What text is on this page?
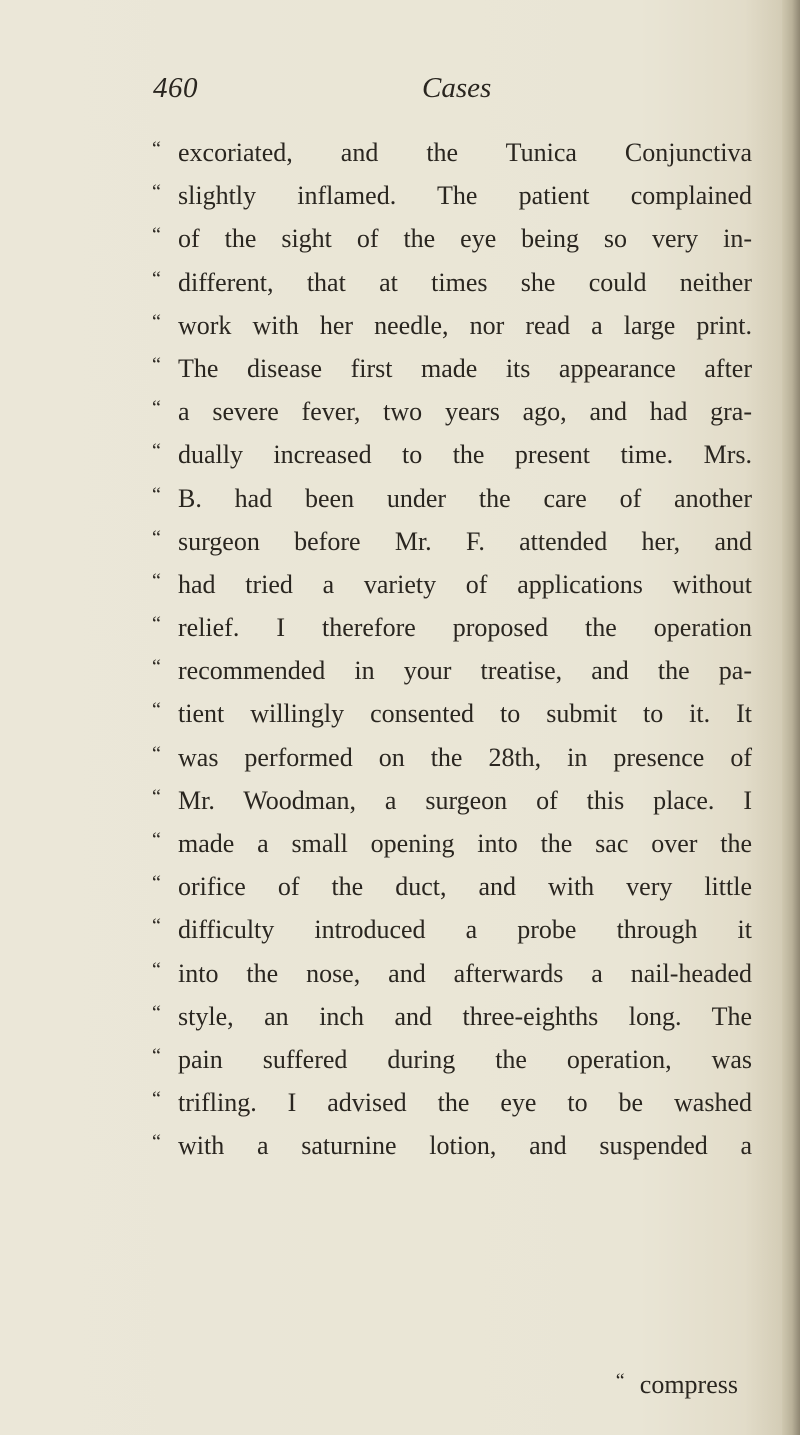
460	Cases
“ excoriated, and the Tunica Conjunctiva
“ slightly inflamed. The patient complained
“ of the sight of the eye being so very in-
“ different, that at times she could neither
“ work with her needle, nor read a large print.
“ The disease first made its appearance after
“ a severe fever, two years ago, and had gra-
“ dually increased to the present time. Mrs.
“ B. had been under the care of another
“ surgeon before Mr. F. attended her, and
“ had tried a variety of applications without
“ relief. I therefore proposed the operation
“ recommended in your treatise, and the pa-
“ tient willingly consented to submit to it. It
“ was performed on the 28th, in presence of
“ Mr. Woodman, a surgeon of this place. I
“ made a small opening into the sac over the
“ orifice of the duct, and with very little
“ difficulty introduced a probe through it
“ into the nose, and afterwards a nail-headed
“ style, an inch and three-eighths long. The
“ pain suffered during the operation, was
“ trifling. I advised the eye to be washed
“ with a saturnine lotion, and suspended a
“ compress
